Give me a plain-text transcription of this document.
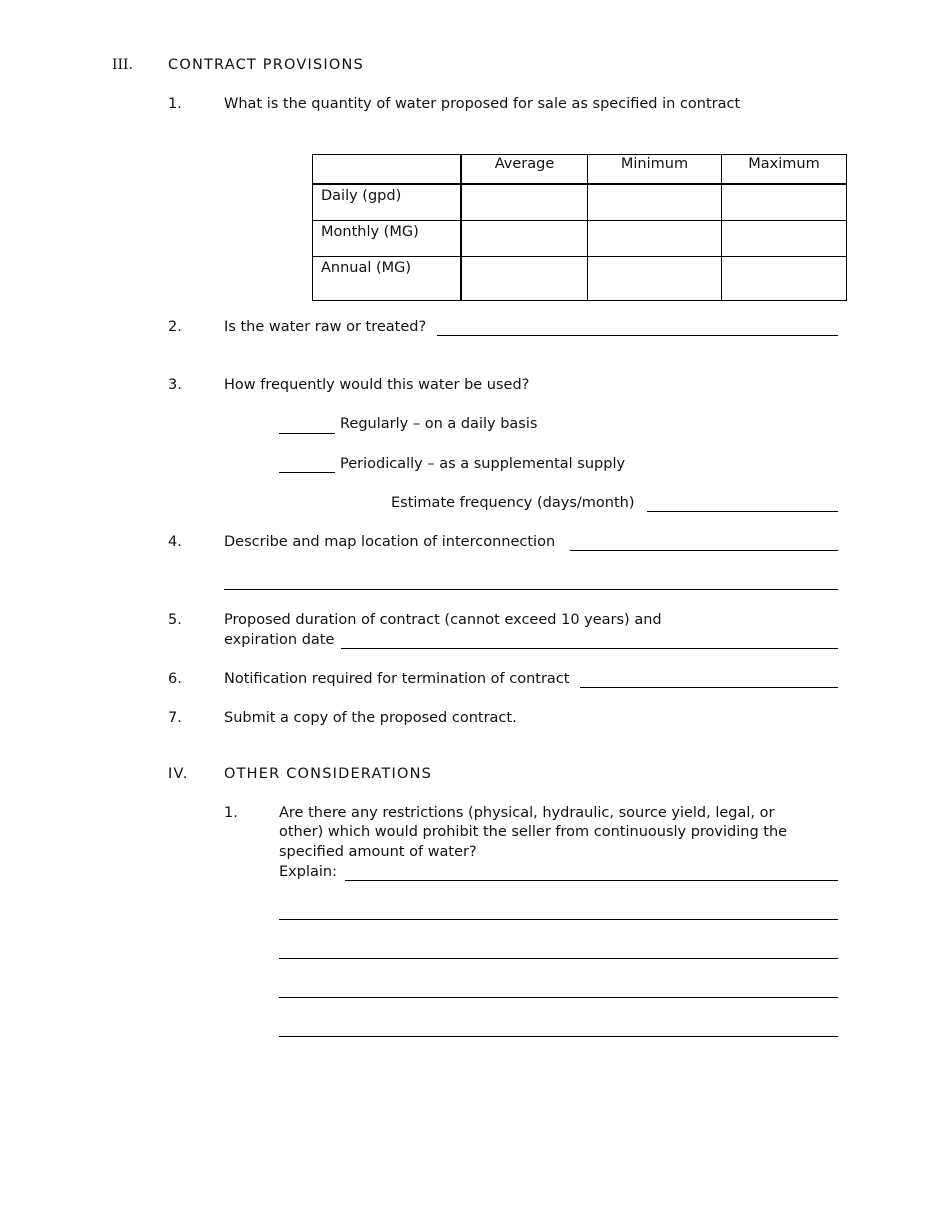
III. CONTRACT PROVISIONS
1.	What is the quantity of water proposed for sale as specified in contract
	Average	Minimum	Maximum
Daily (gpd)			
Monthly (MG)			
Annual (MG)			
2.	Is the water raw or treated?
3.	How frequently would this water be used?
Regularly – on a daily basis
Periodically – as a supplemental supply
Estimate frequency (days/month)
4.	Describe and map location of interconnection
5.	Proposed duration of contract (cannot exceed 10 years) and
expiration date
6.	Notification required for termination of contract
7.	Submit a copy of the proposed contract.
IV. OTHER CONSIDERATIONS
1.	Are there any restrictions (physical, hydraulic, source yield, legal, or
other) which would prohibit the seller from continuously providing the
specified amount of water?
Explain:
